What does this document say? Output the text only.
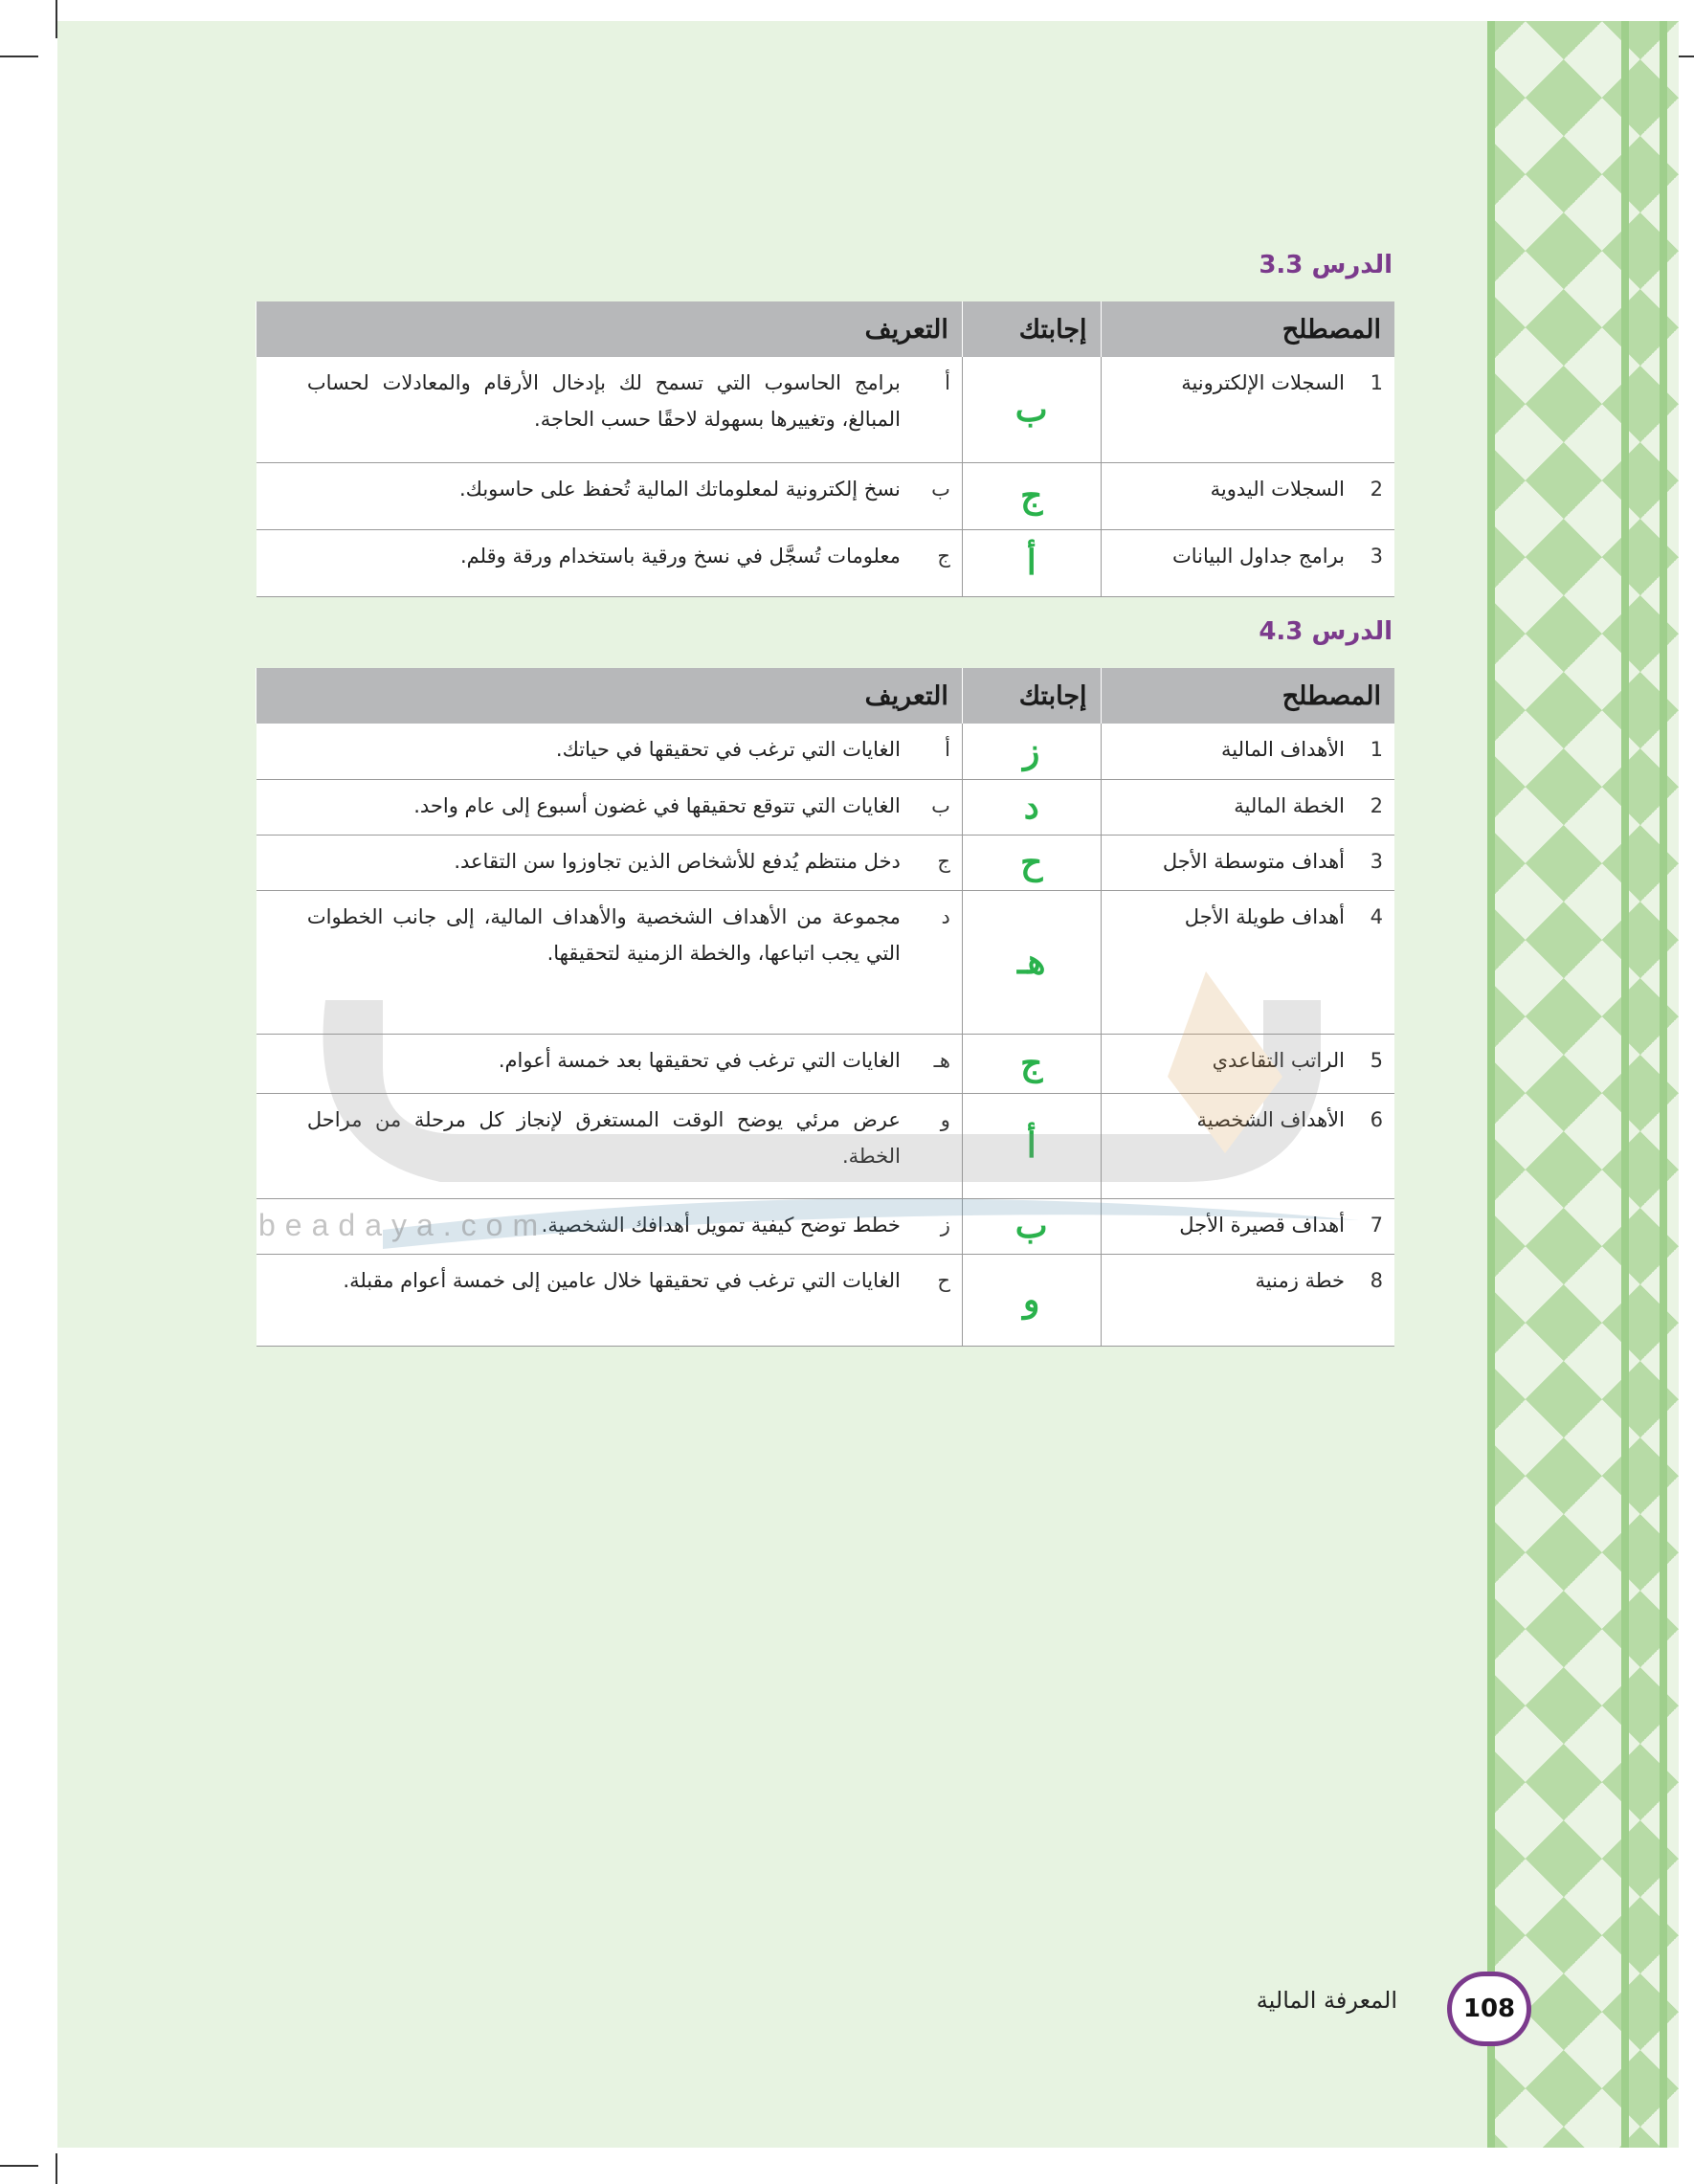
الدرس 3.3
المصطلح	إجابتك	التعريف
1السجلات الإلكترونية	ب	أبرامج الحاسوب التي تسمح لك بإدخال الأرقام والمعادلات لحساب المبالغ، وتغييرها بسهولة لاحقًا حسب الحاجة.
2السجلات اليدوية	ج	بنسخ إلكترونية لمعلوماتك المالية تُحفظ على حاسوبك.
3برامج جداول البيانات	أ	جمعلومات تُسجَّل في نسخ ورقية باستخدام ورقة وقلم.
الدرس 4.3
المصطلح	إجابتك	التعريف
1الأهداف المالية	ز	أالغايات التي ترغب في تحقيقها في حياتك.
2الخطة المالية	د	بالغايات التي تتوقع تحقيقها في غضون أسبوع إلى عام واحد.
3أهداف متوسطة الأجل	ح	جدخل منتظم يُدفع للأشخاص الذين تجاوزوا سن التقاعد.
4أهداف طويلة الأجل	هـ	دمجموعة من الأهداف الشخصية والأهداف المالية، إلى جانب الخطوات التي يجب اتباعها، والخطة الزمنية لتحقيقها.
5الراتب التقاعدي	ج	هـالغايات التي ترغب في تحقيقها بعد خمسة أعوام.
6الأهداف الشخصية	أ	وعرض مرئي يوضح الوقت المستغرق لإنجاز كل مرحلة من مراحل الخطة.
7أهداف قصيرة الأجل	ب	زخطط توضح كيفية تمويل أهدافك الشخصية.
8خطة زمنية	و	حالغايات التي ترغب في تحقيقها خلال عامين إلى خمسة أعوام مقبلة.
beadaya.com
المعرفة المالية	108
